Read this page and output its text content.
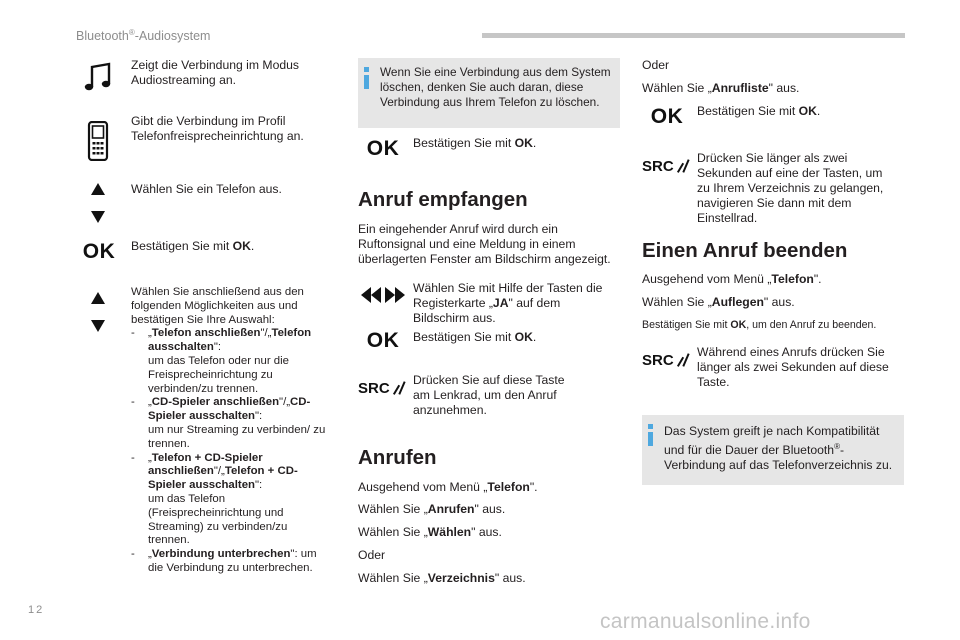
Bluetooth®-Audiosystem
Zeigt die Verbindung im Modus Audiostreaming an.
Gibt die Verbindung im Profil Telefonfreisprecheinrichtung an.
Wählen Sie ein Telefon aus.
OK Bestätigen Sie mit OK.
Wählen Sie anschließend aus den folgenden Möglichkeiten aus und bestätigen Sie Ihre Auswahl:
- „Telefon anschließen"/„Telefon ausschalten":
um das Telefon oder nur die Freisprecheinrichtung zu verbinden/zu trennen.
- „CD-Spieler anschließen"/„CD-Spieler ausschalten":
um nur Streaming zu verbinden/ zu trennen.
- „Telefon + CD-Spieler anschließen"/„Telefon + CD-Spieler ausschalten":
um das Telefon (Freisprecheinrichtung und Streaming) zu verbinden/zu trennen.
- „Verbindung unterbrechen": um die Verbindung zu unterbrechen.
Wenn Sie eine Verbindung aus dem System löschen, denken Sie auch daran, diese Verbindung aus Ihrem Telefon zu löschen.
OK Bestätigen Sie mit OK.
Anruf empfangen
Ein eingehender Anruf wird durch ein Ruftonsignal und eine Meldung in einem überlagerten Fenster am Bildschirm angezeigt.
Wählen Sie mit Hilfe der Tasten die Registerkarte „JA" auf dem Bildschirm aus.
OK Bestätigen Sie mit OK.
SRC Drücken Sie auf diese Taste am Lenkrad, um den Anruf anzunehmen.
Anrufen
Ausgehend vom Menü „Telefon".
Wählen Sie „Anrufen" aus.
Wählen Sie „Wählen" aus.
Oder
Wählen Sie „Verzeichnis" aus.
Oder
Wählen Sie „Anrufliste" aus.
OK Bestätigen Sie mit OK.
SRC Drücken Sie länger als zwei Sekunden auf eine der Tasten, um zu Ihrem Verzeichnis zu gelangen, navigieren Sie dann mit dem Einstellrad.
Einen Anruf beenden
Ausgehend vom Menü „Telefon".
Wählen Sie „Auflegen" aus.
Bestätigen Sie mit OK, um den Anruf zu beenden.
SRC Während eines Anrufs drücken Sie länger als zwei Sekunden auf diese Taste.
Das System greift je nach Kompatibilität und für die Dauer der Bluetooth®-Verbindung auf das Telefonverzeichnis zu.
12	carmanualsonline.info
